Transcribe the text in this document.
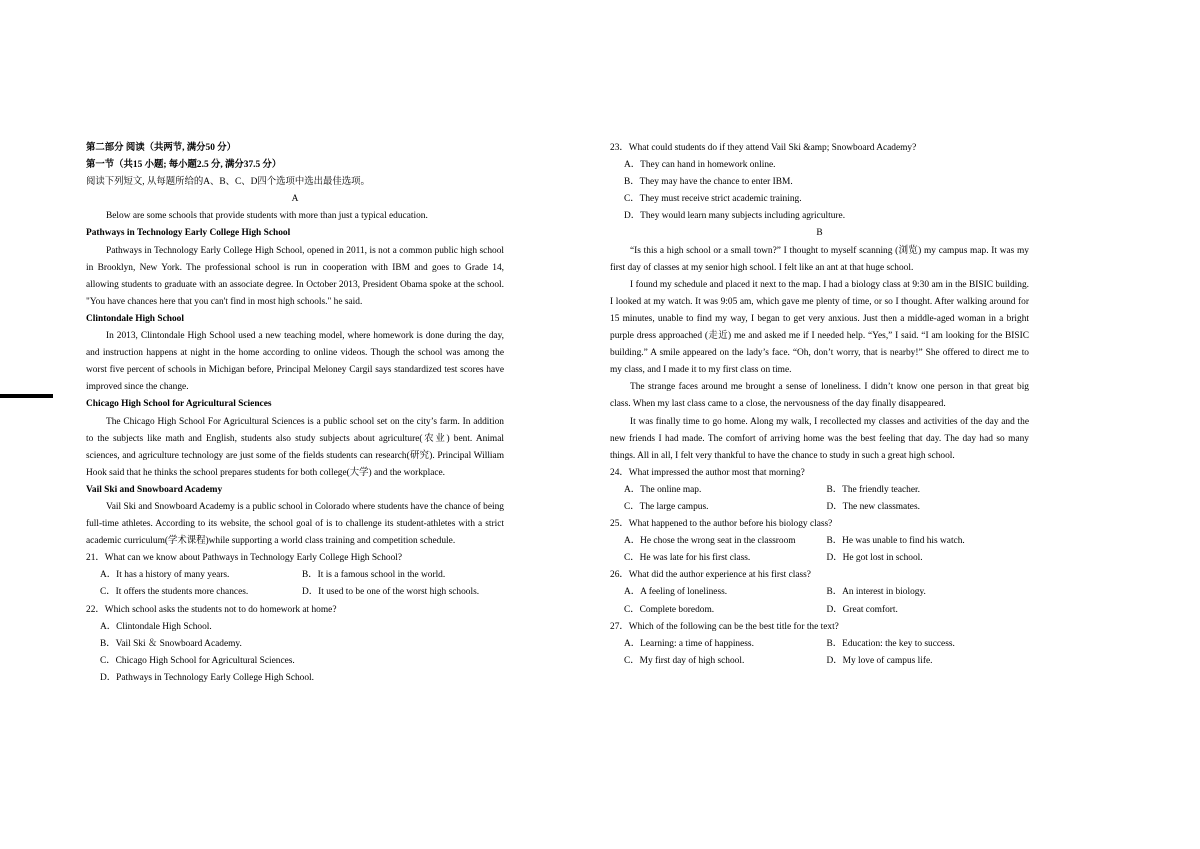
第二部分 阅读（共两节, 满分50 分）
第一节（共15 小题; 每小题2.5 分, 满分37.5 分）
阅读下列短文, 从每题所给的A、B、C、D四个选项中选出最佳选项。
A
Below are some schools that provide students with more than just a typical education.
Pathways in Technology Early College High School
Pathways in Technology Early College High School, opened in 2011, is not a common public high school in Brooklyn, New York. The professional school is run in cooperation with IBM and goes to Grade 14, allowing students to graduate with an associate degree. In October 2013, President Obama spoke at the school. "You have chances here that you can't find in most high schools." he said.
Clintondale High School
In 2013, Clintondale High School used a new teaching model, where homework is done during the day, and instruction happens at night in the home according to online videos. Though the school was among the worst five percent of schools in Michigan before, Principal Meloney Cargil says standardized test scores have improved since the change.
Chicago High School for Agricultural Sciences
The Chicago High School For Agricultural Sciences is a public school set on the city’s farm. In addition to the subjects like math and English, students also study subjects about agriculture(农业) bent. Animal sciences, and agriculture technology are just some of the fields students can research(研究). Principal William Hook said that he thinks the school prepares students for both college(大学) and the workplace.
Vail Ski and Snowboard Academy
Vail Ski and Snowboard Academy is a public school in Colorado where students have the chance of being full-time athletes. According to its website, the school goal of is to challenge its student-athletes with a strict academic curriculum(学术课程)while supporting a world class training and competition schedule.
21．What can we know about Pathways in Technology Early College High School?
A．It has a history of many years.	B．It is a famous school in the world.
C．It offers the students more chances.	D．It used to be one of the worst high schools.
22．Which school asks the students not to do homework at home?
A．Clintondale High School.
B．Vail Ski ＆ Snowboard Academy.
C．Chicago High School for Agricultural Sciences.
D．Pathways in Technology Early College High School.
23．What could students do if they attend Vail Ski &amp; Snowboard Academy?
A．They can hand in homework online.
B．They may have the chance to enter IBM.
C．They must receive strict academic training.
D．They would learn many subjects including agriculture.
B
“Is this a high school or a small town?” I thought to myself scanning (浏览) my campus map. It was my first day of classes at my senior high school. I felt like an ant at that huge school.
I found my schedule and placed it next to the map. I had a biology class at 9:30 am in the BISIC building. I looked at my watch. It was 9:05 am, which gave me plenty of time, or so I thought. After walking around for 15 minutes, unable to find my way, I began to get very anxious. Just then a middle-aged woman in a bright purple dress approached (走近) me and asked me if I needed help. “Yes,” I said. “I am looking for the BISIC building.” A smile appeared on the lady’s face. “Oh, don’t worry, that is nearby!” She offered to direct me to my class, and I made it to my first class on time.
The strange faces around me brought a sense of loneliness. I didn’t know one person in that great big class. When my last class came to a close, the nervousness of the day finally disappeared.
It was finally time to go home. Along my walk, I recollected my classes and activities of the day and the new friends I had made. The comfort of arriving home was the best feeling that day. The day had so many things. All in all, I felt very thankful to have the chance to study in such a great high school.
24．What impressed the author most that morning?
A．The online map.	B．The friendly teacher.
C．The large campus.	D．The new classmates.
25．What happened to the author before his biology class?
A．He chose the wrong seat in the classroom	B．He was unable to find his watch.
C．He was late for his first class.	D．He got lost in school.
26．What did the author experience at his first class?
A．A feeling of loneliness.	B．An interest in biology.
C．Complete boredom.	D．Great comfort.
27．Which of the following can be the best title for the text?
A．Learning: a time of happiness.	B．Education: the key to success.
C．My first day of high school.	D．My love of campus life.
